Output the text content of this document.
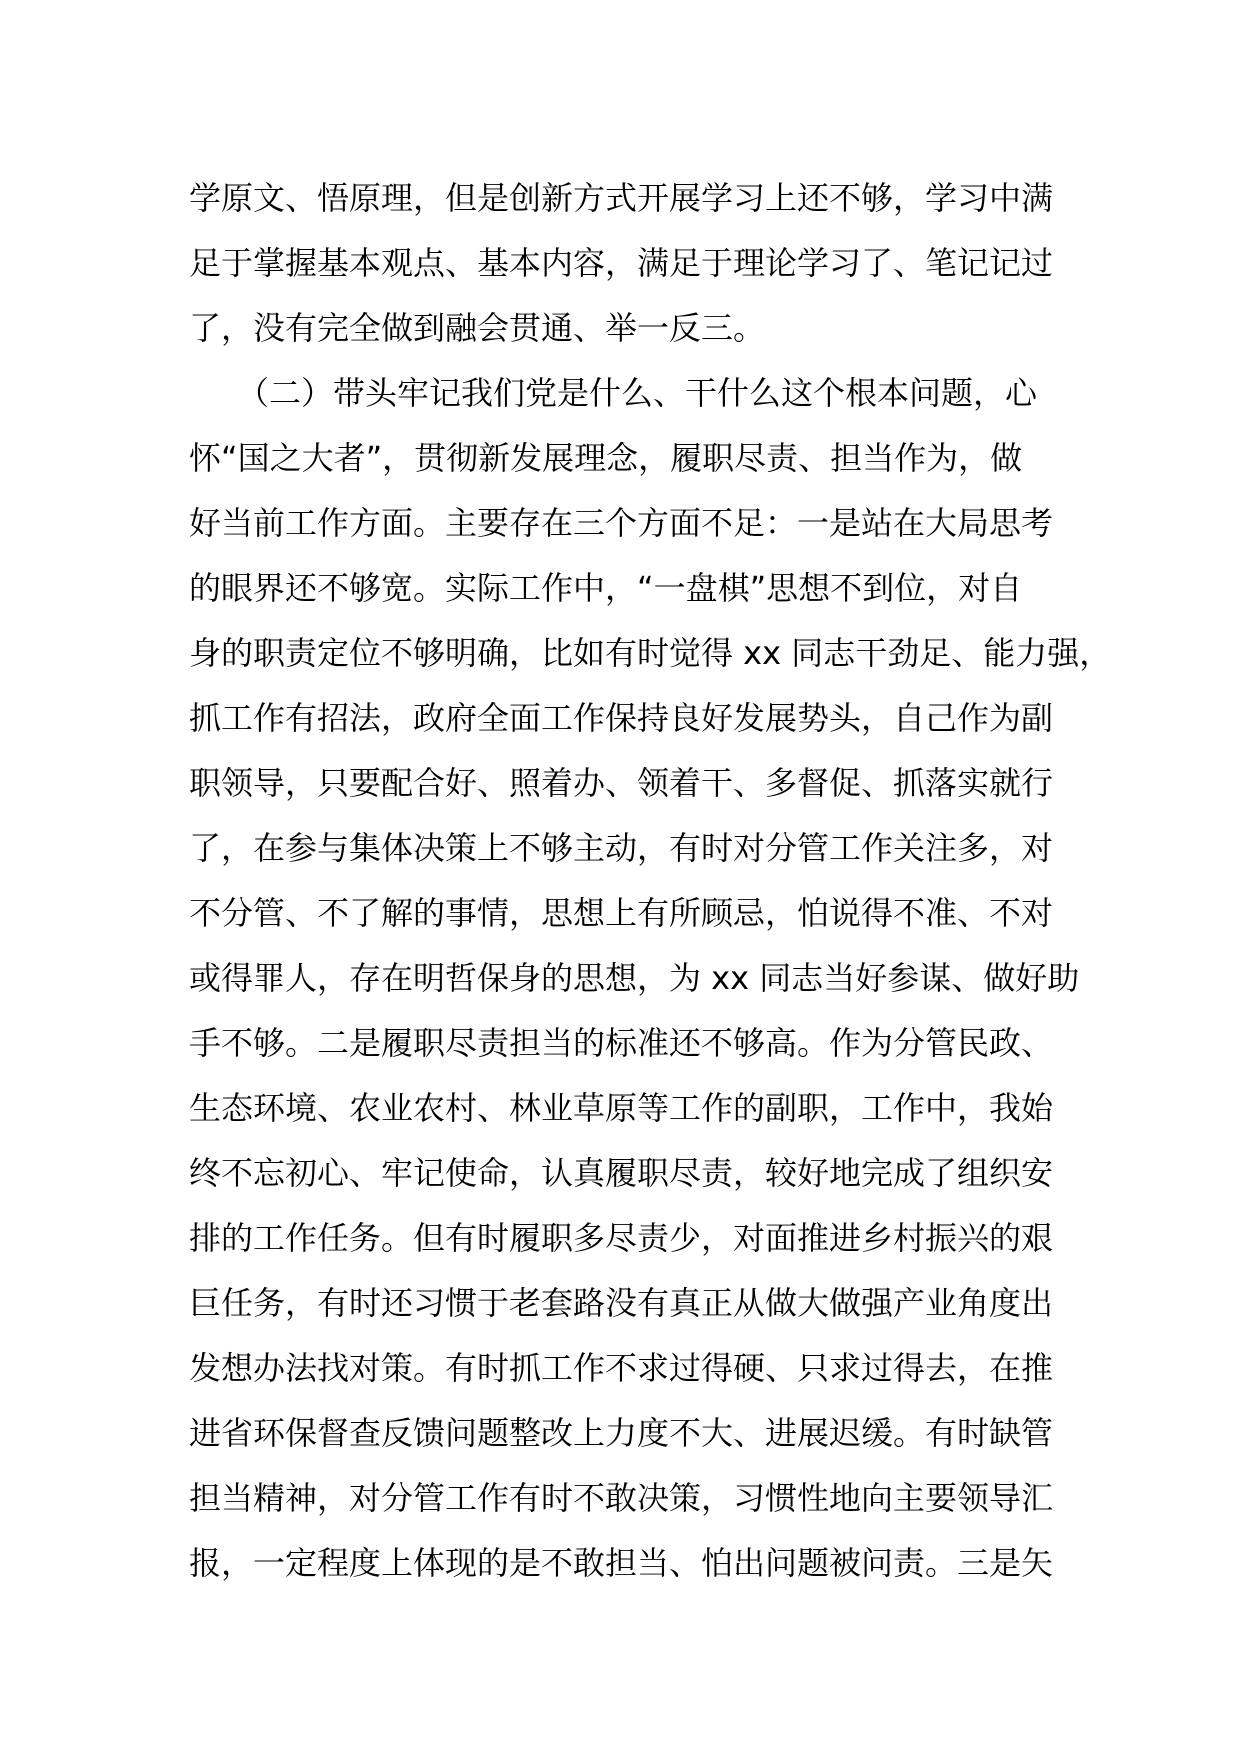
学原文、悟原理，但是创新方式开展学习上还不够，学习中满
足于掌握基本观点、基本内容，满足于理论学习了、笔记记过
了，没有完全做到融会贯通、举一反三。
（二）带头牢记我们党是什么、干什么这个根本问题，心
怀“国之大者”，贯彻新发展理念，履职尽责、担当作为，做
好当前工作方面。主要存在三个方面不足：一是站在大局思考
的眼界还不够宽。实际工作中，“一盘棋”思想不到位，对自
身的职责定位不够明确，比如有时觉得 xx 同志干劲足、能力强，
抓工作有招法，政府全面工作保持良好发展势头，自己作为副
职领导，只要配合好、照着办、领着干、多督促、抓落实就行
了，在参与集体决策上不够主动，有时对分管工作关注多，对
不分管、不了解的事情，思想上有所顾忌，怕说得不准、不对
或得罪人，存在明哲保身的思想，为 xx 同志当好参谋、做好助
手不够。二是履职尽责担当的标准还不够高。作为分管民政、
生态环境、农业农村、林业草原等工作的副职，工作中，我始
终不忘初心、牢记使命，认真履职尽责，较好地完成了组织安
排的工作任务。但有时履职多尽责少，对面推进乡村振兴的艰
巨任务，有时还习惯于老套路没有真正从做大做强产业角度出
发想办法找对策。有时抓工作不求过得硬、只求过得去，在推
进省环保督查反馈问题整改上力度不大、进展迟缓。有时缺管
担当精神，对分管工作有时不敢决策，习惯性地向主要领导汇
报，一定程度上体现的是不敢担当、怕出问题被问责。三是矢
